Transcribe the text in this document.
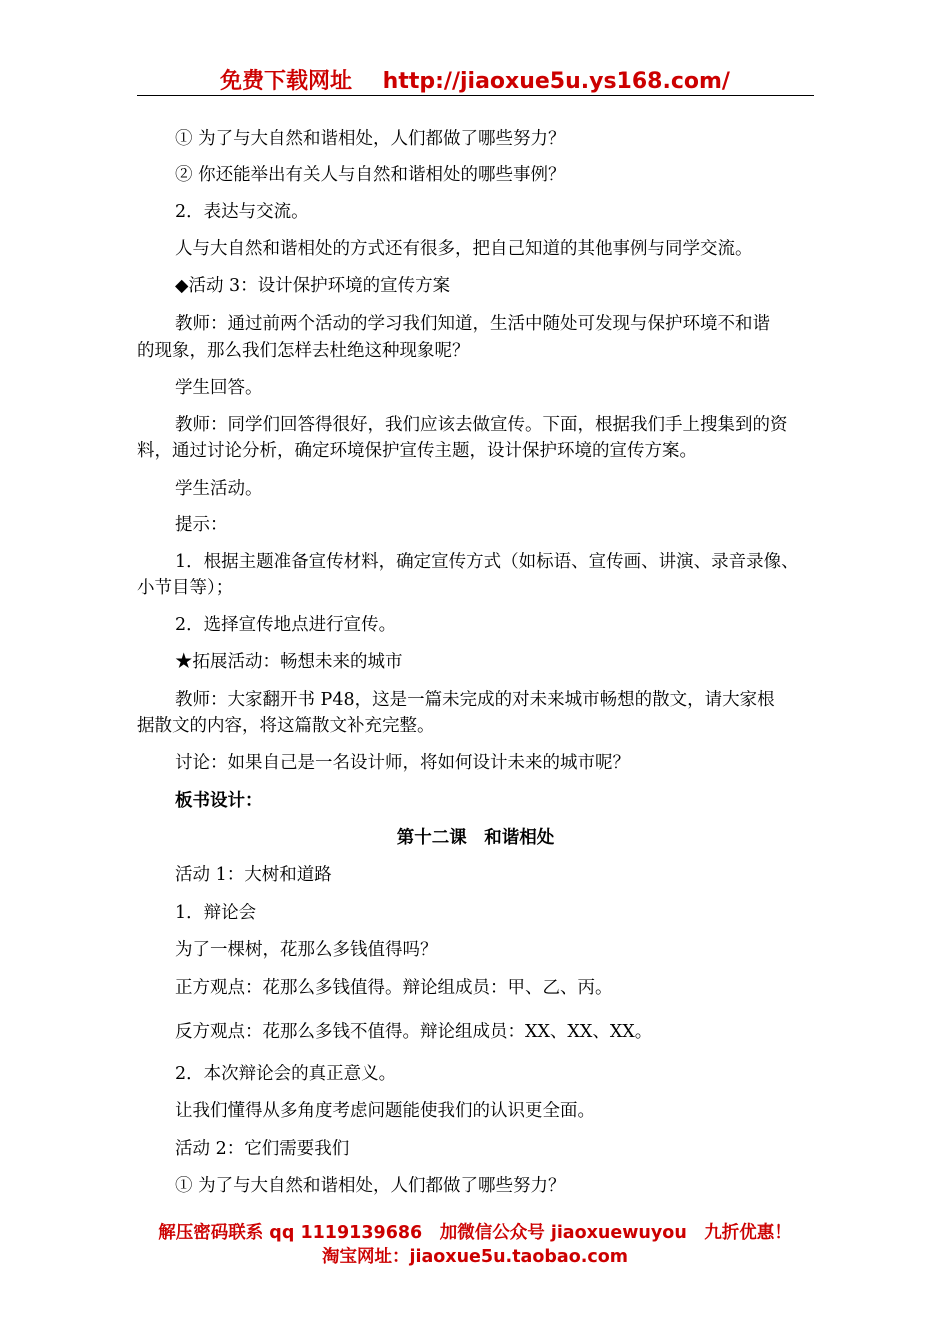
免费下载网址 http://jiaoxue5u.ys168.com/
① 为了与大自然和谐相处，人们都做了哪些努力？
② 你还能举出有关人与自然和谐相处的哪些事例？
2．表达与交流。
人与大自然和谐相处的方式还有很多，把自己知道的其他事例与同学交流。
◆活动 3：设计保护环境的宣传方案
教师：通过前两个活动的学习我们知道，生活中随处可发现与保护环境不和谐
的现象，那么我们怎样去杜绝这种现象呢？
学生回答。
教师：同学们回答得很好，我们应该去做宣传。下面，根据我们手上搜集到的资
料，通过讨论分析，确定环境保护宣传主题，设计保护环境的宣传方案。
学生活动。
提示：
1．根据主题准备宣传材料，确定宣传方式（如标语、宣传画、讲演、录音录像、
小节目等）；
2．选择宣传地点进行宣传。
★拓展活动：畅想未来的城市
教师：大家翻开书 P48，这是一篇未完成的对未来城市畅想的散文，请大家根
据散文的内容，将这篇散文补充完整。
讨论：如果自己是一名设计师，将如何设计未来的城市呢？
板书设计：
第十二课　和谐相处
活动 1：大树和道路
1．辩论会
为了一棵树，花那么多钱值得吗？
正方观点：花那么多钱值得。辩论组成员：甲、乙、丙。
反方观点：花那么多钱不值得。辩论组成员：XX、XX、XX。
2．本次辩论会的真正意义。
让我们懂得从多角度考虑问题能使我们的认识更全面。
活动 2：它们需要我们
① 为了与大自然和谐相处，人们都做了哪些努力？
解压密码联系 qq 1119139686　加微信公众号 jiaoxuewuyou　九折优惠！
淘宝网址：jiaoxue5u.taobao.com
